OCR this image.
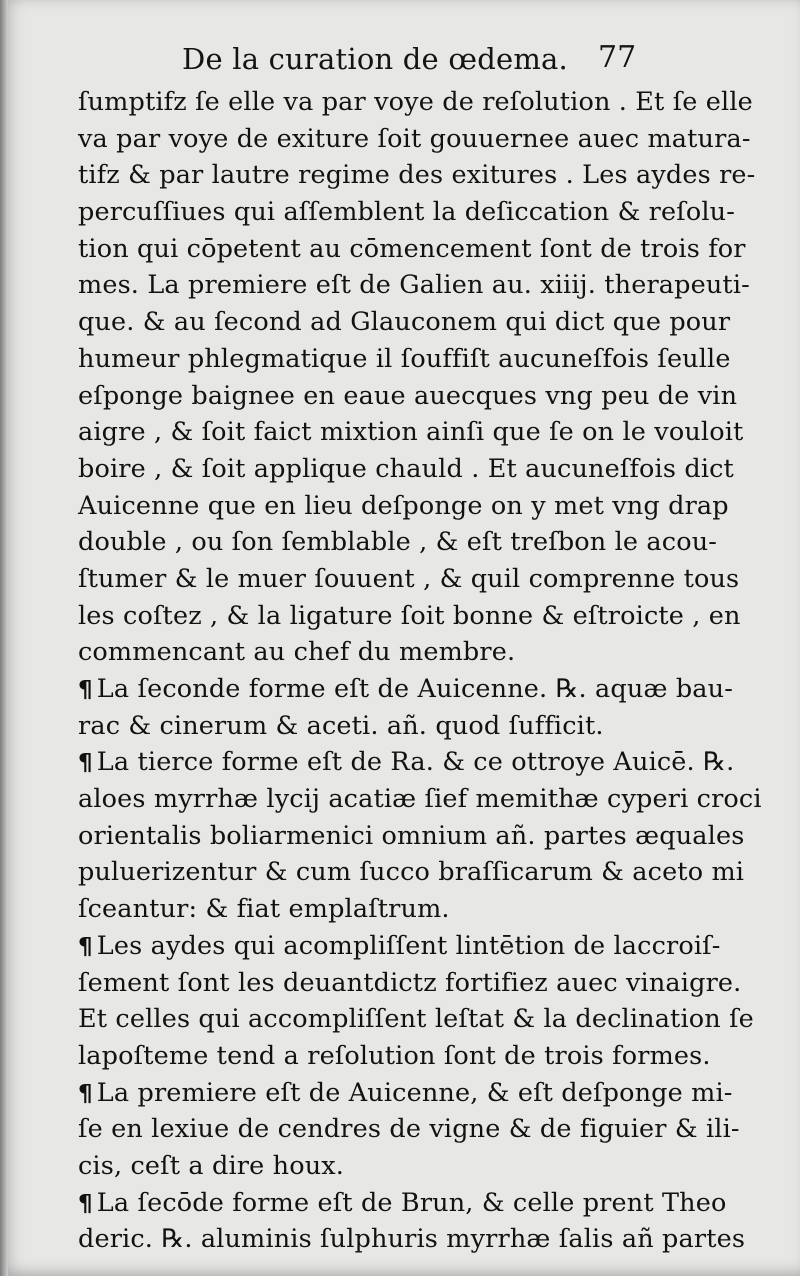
De la curation de œdema. 77
ſumptifz ſe elle va par voye de reſolution . Et ſe elle
va par voye de exiture ſoit gouuernee auec matura-
tifz & par lautre regime des exitures . Les aydes re-
percuſſiues qui aſſemblent la deſiccation & reſolu-
tion qui cōpetent au cōmencement ſont de trois for
mes. La premiere eſt de Galien au. xiiij. therapeuti-
que. & au ſecond ad Glauconem qui dict que pour
humeur phlegmatique il ſouffiſt aucuneſfois ſeulle
eſponge baignee en eaue auecques vng peu de vin
aigre , & ſoit faict mixtion ainſi que ſe on le vouloit
boire , & ſoit applique chauld . Et aucuneſfois dict
Auicenne que en lieu deſponge on y met vng drap
double , ou ſon ſemblable , & eſt treſbon le acou-
ſtumer & le muer ſouuent , & quil comprenne tous
les coſtez , & la ligature ſoit bonne & eſtroicte , en
commencant au chef du membre.
¶ La ſeconde forme eſt de Auicenne. ℞. aquæ bau-
rac & cinerum & aceti. añ. quod ſufficit.
¶ La tierce forme eſt de Ra. & ce ottroye Auicē. ℞.
aloes myrrhæ lycij acatiæ ſief memithæ cyperi croci
orientalis boliarmenici omnium añ. partes æquales
puluerizentur & cum ſucco braſſicarum & aceto mi
ſceantur: & fiat emplaſtrum.
¶ Les aydes qui acompliſſent lintētion de laccroiſ-
ſement ſont les deuantdictz fortifiez auec vinaigre.
Et celles qui accompliſſent leſtat & la declination ſe
lapoſteme tend a reſolution ſont de trois formes.
¶ La premiere eſt de Auicenne, & eſt deſponge mi-
ſe en lexiue de cendres de vigne & de figuier & ili-
cis, ceſt a dire houx.
¶ La ſecōde forme eſt de Brun, & celle prent Theo
deric. ℞. aluminis ſulphuris myrrhæ ſalis añ partes
